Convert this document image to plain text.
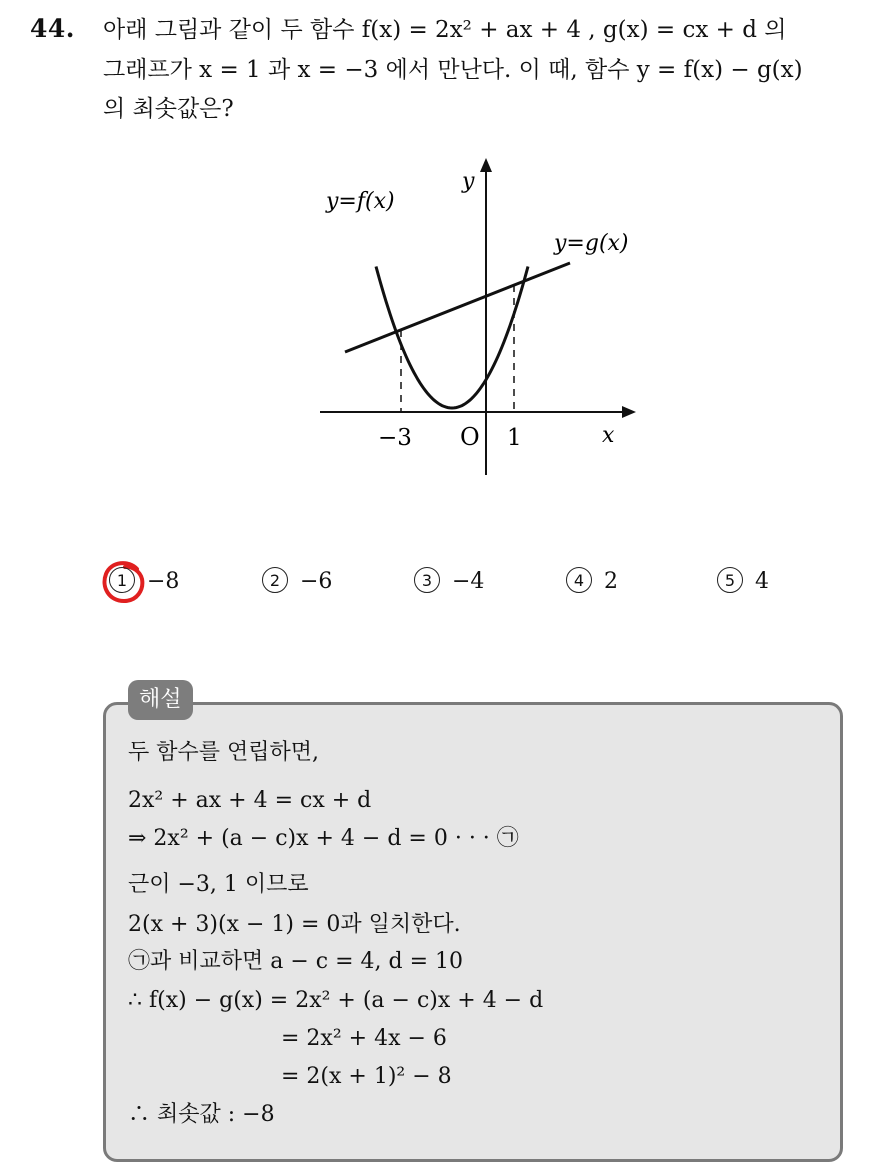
44. 아래 그림과 같이 두 함수 f(x) = 2x² + ax + 4 , g(x) = cx + d 의
그래프가 x = 1 과 x = −3 에서 만난다. 이 때, 함수 y = f(x) − g(x)
의 최솟값은?
y=f(x)
y=g(x)
y
x
O
−3	1
1 −8	2 −6	3 −4	4 2	5 4
해설
두 함수를 연립하면,
2x² + ax + 4 = cx + d
⇒ 2x² + (a − c)x + 4 − d = 0 · · · ㉠
근이 −3, 1 이므로
2(x + 3)(x − 1) = 0과 일치한다.
㉠과 비교하면 a − c = 4, d = 10
∴ f(x) − g(x) = 2x² + (a − c)x + 4 − d
= 2x² + 4x − 6
= 2(x + 1)² − 8
∴ 최솟값 : −8
